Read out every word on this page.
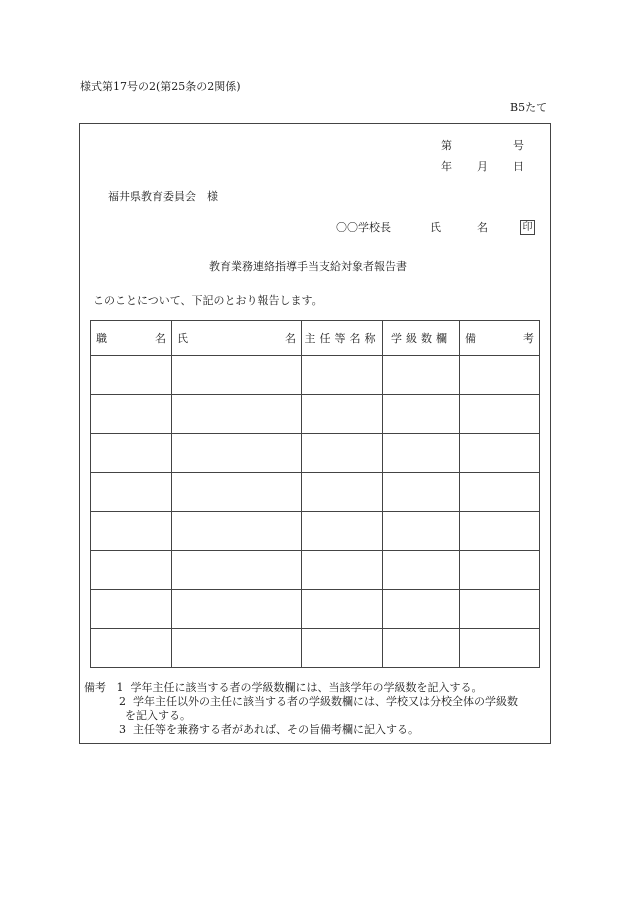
様式第17号の2(第25条の2関係)
B5たて
第	号
年 月 日
福井県教育委員会　様
〇〇学校長	氏	名	印
教育業務連絡指導手当支給対象者報告書
このことについて、下記のとおり報告します。
職 名	氏 名	主任等名称	学級数欄	備 考

備考 1 学年主任に該当する者の学級数欄には、当該学年の学級数を記入する。
2 学年主任以外の主任に該当する者の学級数欄には、学校又は分校全体の学級数
を記入する。
3 主任等を兼務する者があれば、その旨備考欄に記入する。
